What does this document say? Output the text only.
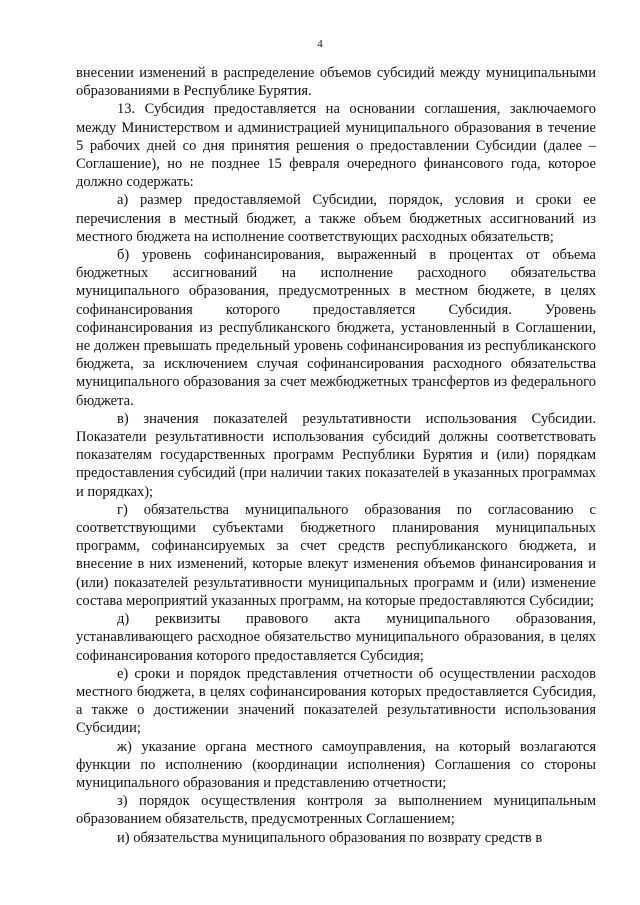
4

внесении изменений в распределение объемов субсидий между муниципальными образованиями в Республике Бурятия.

13. Субсидия предоставляется на основании соглашения, заключаемого между Министерством и администрацией муниципального образования в течение 5 рабочих дней со дня принятия решения о предоставлении Субсидии (далее – Соглашение), но не позднее 15 февраля очередного финансового года, которое должно содержать:

а) размер предоставляемой Субсидии, порядок, условия и сроки ее перечисления в местный бюджет, а также объем бюджетных ассигнований из местного бюджета на исполнение соответствующих расходных обязательств;

б) уровень софинансирования, выраженный в процентах от объема бюджетных ассигнований на исполнение расходного обязательства муниципального образования, предусмотренных в местном бюджете, в целях софинансирования которого предоставляется Субсидия. Уровень софинансирования из республиканского бюджета, установленный в Соглашении, не должен превышать предельный уровень софинансирования из республиканского бюджета, за исключением случая софинансирования расходного обязательства муниципального образования за счет межбюджетных трансфертов из федерального бюджета.

в) значения показателей результативности использования Субсидии. Показатели результативности использования субсидий должны соответствовать показателям государственных программ Республики Бурятия и (или) порядкам предоставления субсидий (при наличии таких показателей в указанных программах и порядках);

г) обязательства муниципального образования по согласованию с соответствующими субъектами бюджетного планирования муниципальных программ, софинансируемых за счет средств республиканского бюджета, и внесение в них изменений, которые влекут изменения объемов финансирования и (или) показателей результативности муниципальных программ и (или) изменение состава мероприятий указанных программ, на которые предоставляются Субсидии;

д) реквизиты правового акта муниципального образования, устанавливающего расходное обязательство муниципального образования, в целях софинансирования которого предоставляется Субсидия;

е) сроки и порядок представления отчетности об осуществлении расходов местного бюджета, в целях софинансирования которых предоставляется Субсидия, а также о достижении значений показателей результативности использования Субсидии;

ж) указание органа местного самоуправления, на который возлагаются функции по исполнению (координации исполнения) Соглашения со стороны муниципального образования и представлению отчетности;

з) порядок осуществления контроля за выполнением муниципальным образованием обязательств, предусмотренных Соглашением;

и) обязательства муниципального образования по возврату средств в
